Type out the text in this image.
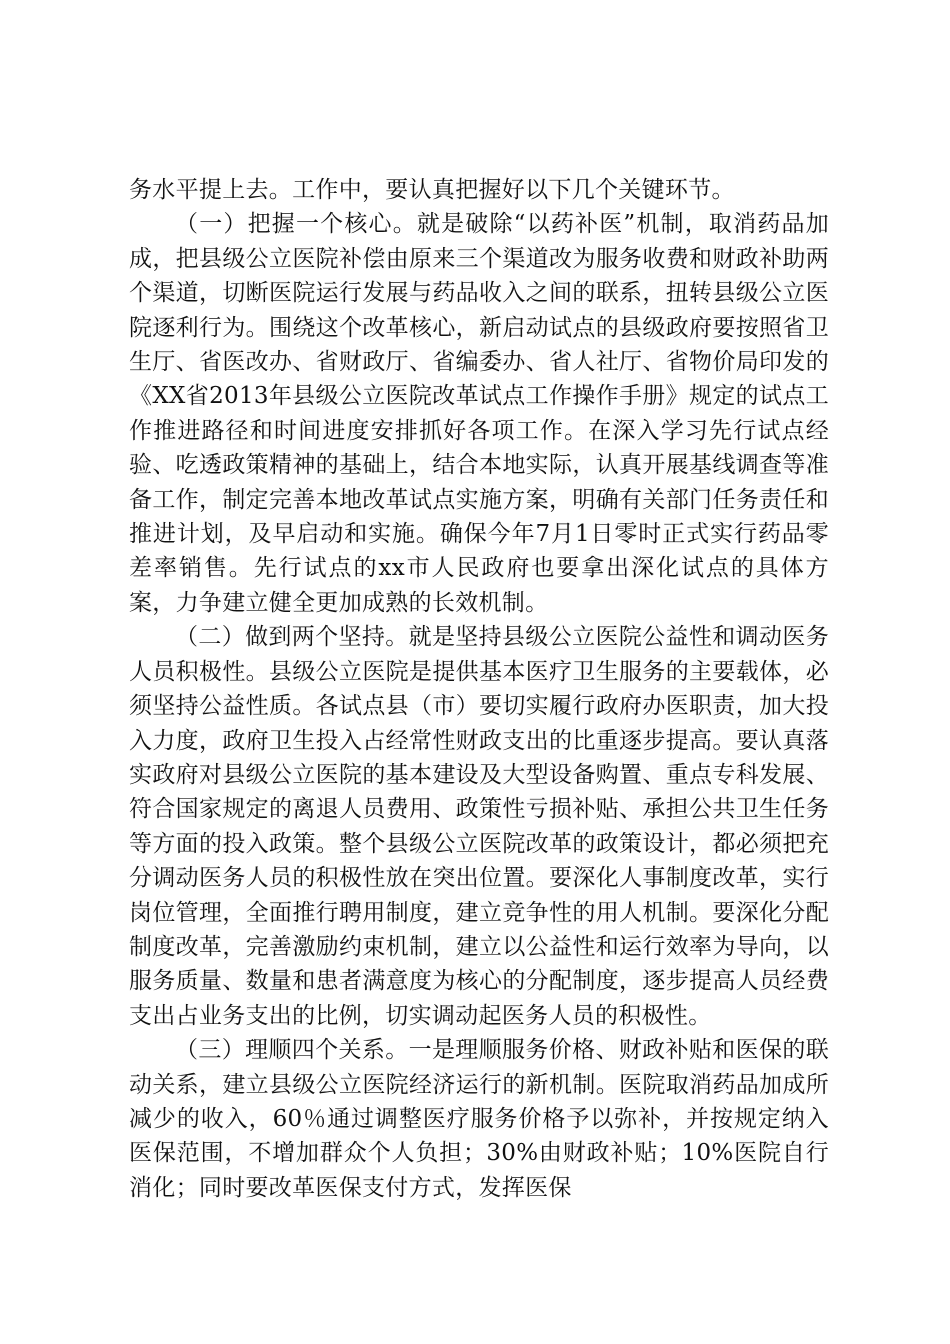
务水平提上去。工作中，要认真把握好以下几个关键环节。

（一）把握一个核心。就是破除“以药补医”机制，取消药品加成，把县级公立医院补偿由原来三个渠道改为服务收费和财政补助两个渠道，切断医院运行发展与药品收入之间的联系，扭转县级公立医院逐利行为。围绕这个改革核心，新启动试点的县级政府要按照省卫生厅、省医改办、省财政厅、省编委办、省人社厅、省物价局印发的《XX省2013年县级公立医院改革试点工作操作手册》规定的试点工作推进路径和时间进度安排抓好各项工作。在深入学习先行试点经验、吃透政策精神的基础上，结合本地实际，认真开展基线调查等准备工作，制定完善本地改革试点实施方案，明确有关部门任务责任和推进计划，及早启动和实施。确保今年7月1日零时正式实行药品零差率销售。先行试点的xx市人民政府也要拿出深化试点的具体方案，力争建立健全更加成熟的长效机制。

（二）做到两个坚持。就是坚持县级公立医院公益性和调动医务人员积极性。县级公立医院是提供基本医疗卫生服务的主要载体，必须坚持公益性质。各试点县（市）要切实履行政府办医职责，加大投入力度，政府卫生投入占经常性财政支出的比重逐步提高。要认真落实政府对县级公立医院的基本建设及大型设备购置、重点专科发展、符合国家规定的离退人员费用、政策性亏损补贴、承担公共卫生任务等方面的投入政策。整个县级公立医院改革的政策设计，都必须把充分调动医务人员的积极性放在突出位置。要深化人事制度改革，实行岗位管理，全面推行聘用制度，建立竞争性的用人机制。要深化分配制度改革，完善激励约束机制，建立以公益性和运行效率为导向，以服务质量、数量和患者满意度为核心的分配制度，逐步提高人员经费支出占业务支出的比例，切实调动起医务人员的积极性。

（三）理顺四个关系。一是理顺服务价格、财政补贴和医保的联动关系，建立县级公立医院经济运行的新机制。医院取消药品加成所减少的收入，60％通过调整医疗服务价格予以弥补，并按规定纳入医保范围，不增加群众个人负担；30%由财政补贴；10%医院自行消化；同时要改革医保支付方式，发挥医保
